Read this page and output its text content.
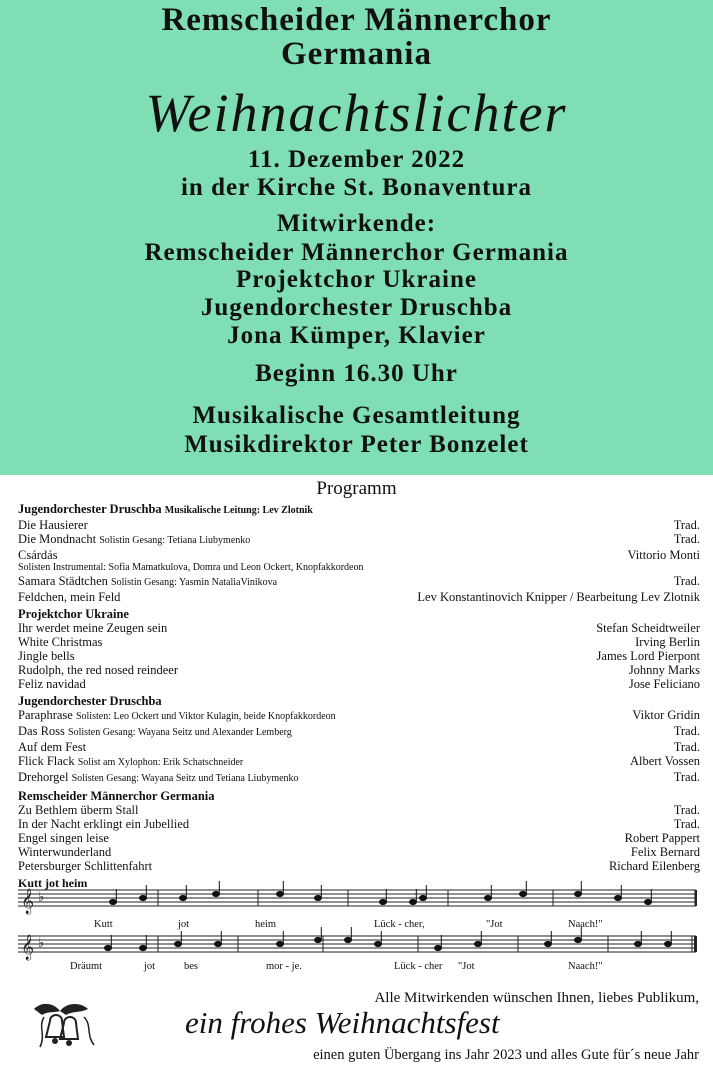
Remscheider Männerchor
Germania
Weihnachtslichter
11. Dezember 2022
in der Kirche St. Bonaventura
Mitwirkende:
Remscheider Männerchor Germania
Projektchor Ukraine
Jugendorchester Druschba
Jona Kümper, Klavier
Beginn 16.30 Uhr
Musikalische Gesamtleitung
Musikdirektor Peter Bonzelet
Programm
Jugendorchester Druschba Musikalische Leitung: Lev Zlotnik
Die Hausierer	Trad.
Die Mondnacht Solistin Gesang: Tetiana Liubymenko	Trad.
Csárdás	Vittorio Monti
Solisten Instrumental: Sofia Mamatkulova, Domra und Leon Ockert, Knopfakkordeon
Samara Städtchen Solistin Gesang: Yasmin NataliaVinikova	Trad.
Feldchen, mein Feld	Lev Konstantinovich Knipper / Bearbeitung Lev Zlotnik
Projektchor Ukraine
Ihr werdet meine Zeugen sein	Stefan Scheidtweiler
White Christmas	Irving Berlin
Jingle bells	James Lord Pierpont
Rudolph, the red nosed reindeer	Johnny Marks
Feliz navidad	Jose Feliciano
Jugendorchester Druschba
Paraphrase Solisten: Leo Ockert und Viktor Kulagin, beide Knopfakkordeon	Viktor Gridin
Das Ross Solisten Gesang: Wayana Seitz und Alexander Lemberg	Trad.
Auf dem Fest	Trad.
Flick Flack Solist am Xylophon: Erik Schatschneider	Albert Vossen
Drehorgel Solisten Gesang: Wayana Seitz und Tetiana Liubymenko	Trad.
Remscheider Männerchor Germania
Zu Bethlem überm Stall	Trad.
In der Nacht erklingt ein Jubellied	Trad.
Engel singen leise	Robert Pappert
Winterwunderland	Felix Bernard
Petersburger Schlittenfahrt	Richard Eilenberg
Kutt jot heim
𝄞
𝄞
♭
♭
Kutt	jot	heim	Lück - cher,	"Jot	Naach!"
Dräumt	jot	bes	mor - je.	Lück - cher "Jot	Naach!"
Alle Mitwirkenden wünschen Ihnen, liebes Publikum,
ein frohes Weihnachtsfest
einen guten Übergang ins Jahr 2023 und alles Gute für´s neue Jahr
